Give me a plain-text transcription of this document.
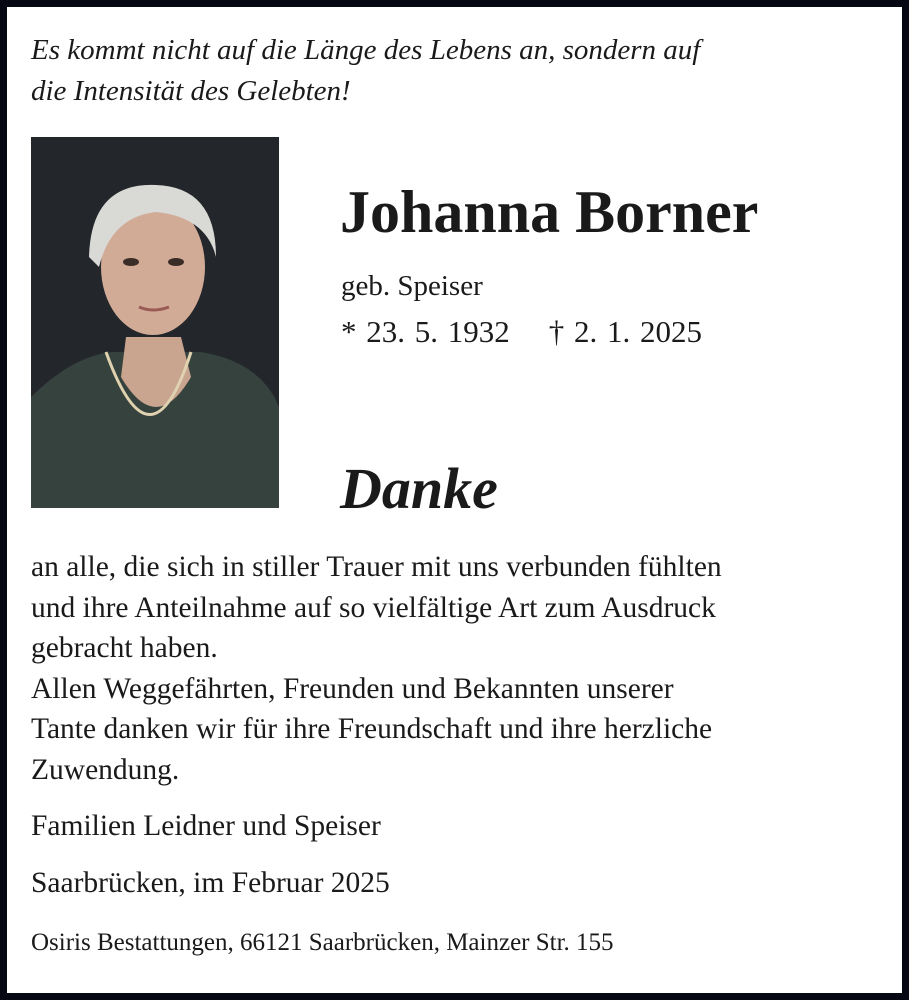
Es kommt nicht auf die Länge des Lebens an, sondern auf
die Intensität des Gelebten!
Johanna Borner
geb. Speiser
* 23. 5. 1932 † 2. 1. 2025
Danke
an alle, die sich in stiller Trauer mit uns verbunden fühlten
und ihre Anteilnahme auf so vielfältige Art zum Ausdruck
gebracht haben.
Allen Weggefährten, Freunden und Bekannten unserer
Tante danken wir für ihre Freundschaft und ihre herzliche
Zuwendung.
Familien Leidner und Speiser
Saarbrücken, im Februar 2025
Osiris Bestattungen, 66121 Saarbrücken, Mainzer Str. 155
